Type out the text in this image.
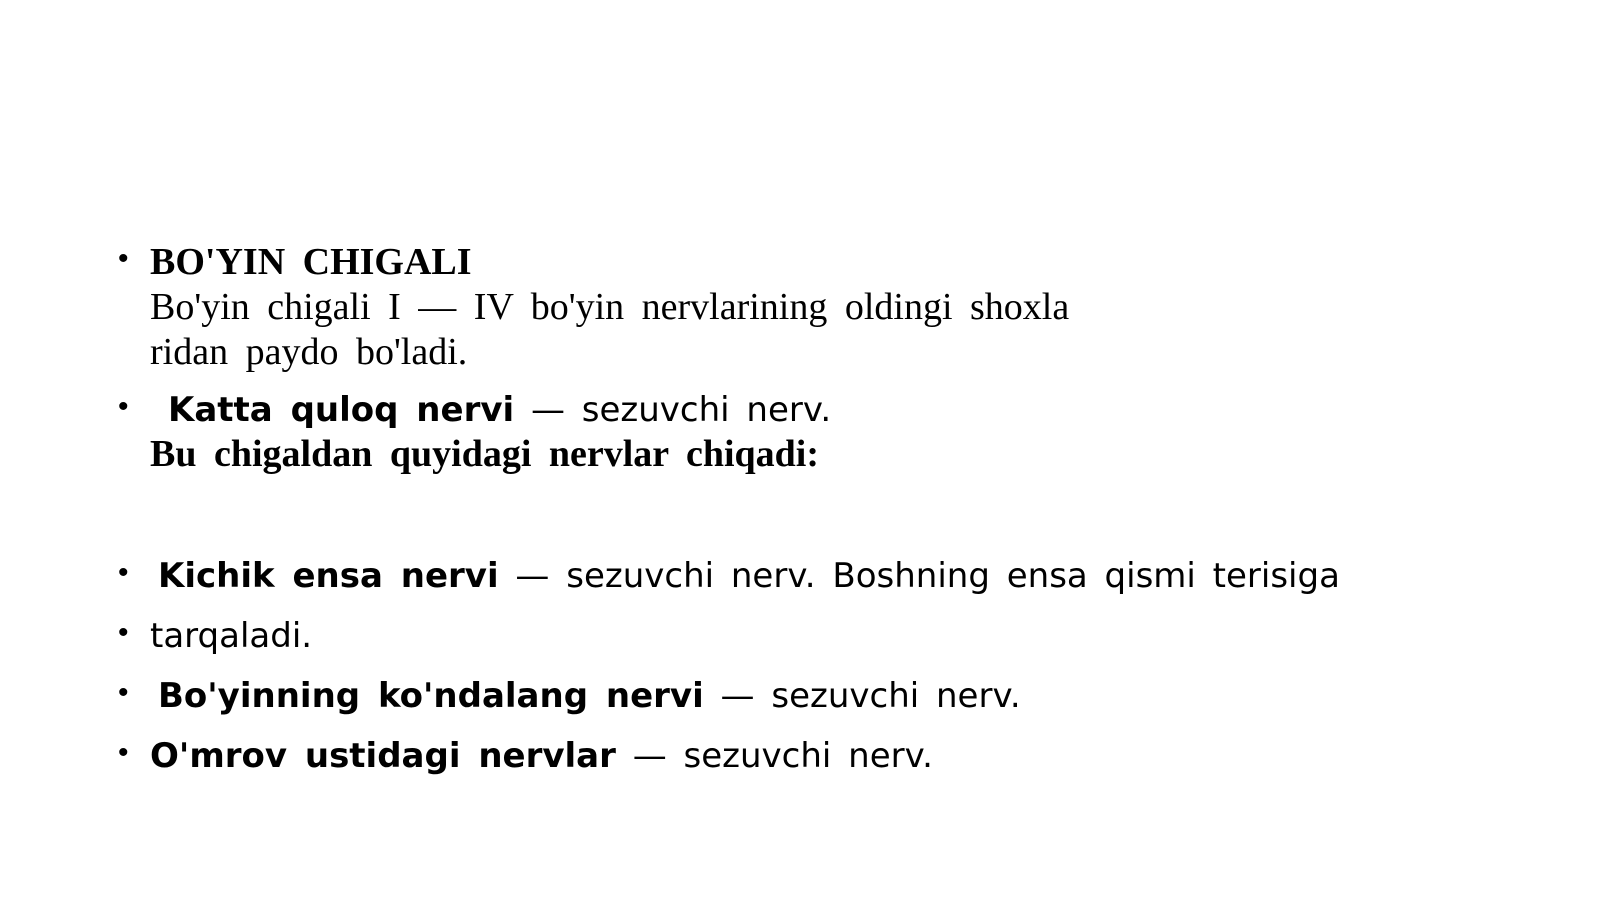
• BO'YIN CHIGALI
Bo'yin chigali I — IV bo'yin nervlarining oldingi shoxla
ridan paydo bo'ladi.
•	Katta quloq nervi — sezuvchi nerv.
Bu chigaldan quyidagi nervlar chiqadi:
• Kichik ensa nervi — sezuvchi nerv. Boshning ensa qismi terisiga
• tarqaladi.
• Bo'yinning ko'ndalang nervi — sezuvchi nerv.
• O'mrov ustidagi nervlar — sezuvchi nerv.
